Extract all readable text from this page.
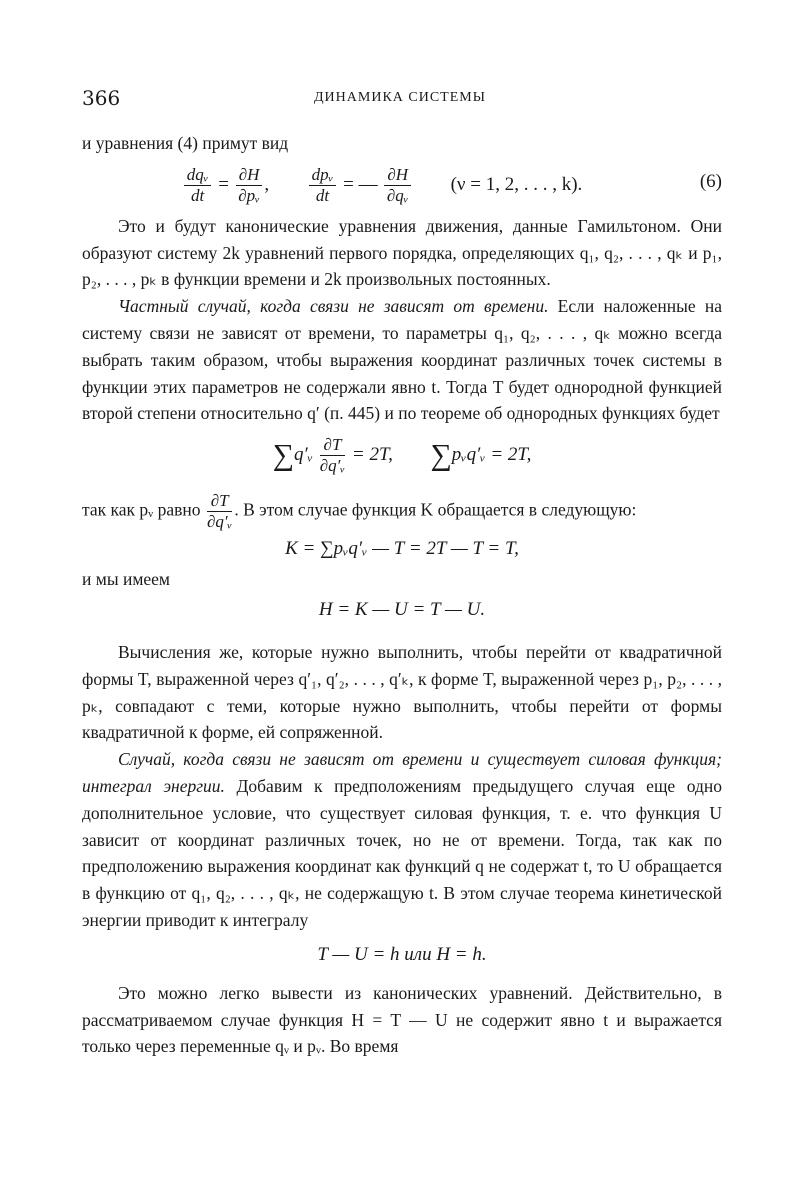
366	ДИНАМИКА СИСТЕМЫ

и уравнения (4) примут вид

$\frac{\text{dqᵥ}}{dt} = \frac{\partial H}{\text{∂pᵥ}}$ , $\frac{\text{dpᵥ}}{dt}$ = — $\frac{\partial H}{\text{∂qᵥ}} (\nu = 1$, 2, . . . , k).	(6)

Это и будут канонические уравнения движения, данные Гамильтоном. Они образуют систему 2k уравнений первого порядка, определяющих q₁, q₂, . . . , qₖ и p₁, p₂, . . . , pₖ в функции времени и 2k произвольных постоянных.

Частный случай, когда связи не зависят от времени. Если наложенные на систему связи не зависят от времени, то параметры q₁, q₂, . . . , qₖ можно всегда выбрать таким образом, чтобы выражения координат различных точек системы в функции этих параметров не содержали явно t. Тогда T будет однородной функцией второй степени относительно q′ (п. 445) и по теореме об однородных функциях будет

∑q′ᵥ $\frac{\partial T}{\text{∂q′ᵥ}} = 2T$, ∑pᵥq′ᵥ = 2T,

так как pᵥ равно $\frac{\partial T}{\text{∂q′ᵥ}}$ . В этом случае функция K обращается в следующую:

K = ∑pᵥq′ᵥ — T = 2T — T = T,

и мы имеем

H = K — U = T — U.

Вычисления же, которые нужно выполнить, чтобы перейти от квадратичной формы T, выраженной через q′₁, q′₂, . . . , q′ₖ, к форме T, выраженной через p₁, p₂, . . . , pₖ, совпадают с теми, которые нужно выполнить, чтобы перейти от формы квадратичной к форме, ей сопряженной.

Случай, когда связи не зависят от времени и существует силовая функция; интеграл энергии. Добавим к предположениям предыдущего случая еще одно дополнительное условие, что существует силовая функция, т. е. что функция U зависит от координат различных точек, но не от времени. Тогда, так как по предположению выражения координат как функций q не содержат t, то U обращается в функцию от q₁, q₂, . . . , qₖ, не содержащую t. В этом случае теорема кинетической энергии приводит к интегралу

T — U = h или H = h.

Это можно легко вывести из канонических уравнений. Действительно, в рассматриваемом случае функция H = T — U не содержит явно t и выражается только через переменные qᵥ и pᵥ. Во время
